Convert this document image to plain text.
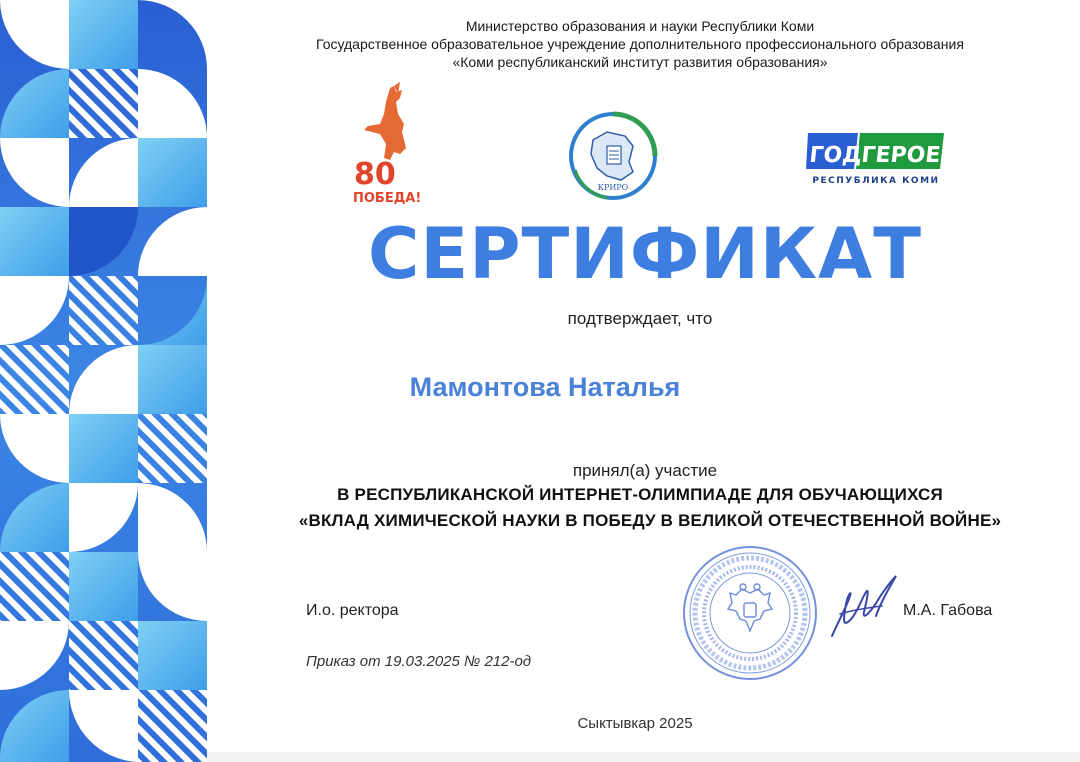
Министерство образования и науки Республики Коми
Государственное образовательное учреждение дополнительного профессионального образования
«Коми республиканский институт развития образования»
80
ПОБЕДА!
КРИРО
ГОД
ГЕРОЕВ
РЕСПУБЛИКА КОМИ
СЕРТИФИКАТ
подтверждает, что
Мамонтова Наталья
принял(а) участие
В РЕСПУБЛИКАНСКОЙ ИНТЕРНЕТ-ОЛИМПИАДЕ ДЛЯ ОБУЧАЮЩИХСЯ
«ВКЛАД ХИМИЧЕСКОЙ НАУКИ В ПОБЕДУ В ВЕЛИКОЙ ОТЕЧЕСТВЕННОЙ ВОЙНЕ»
И.о. ректора	М.А. Габова
Приказ от 19.03.2025 № 212-од
Сыктывкар 2025
